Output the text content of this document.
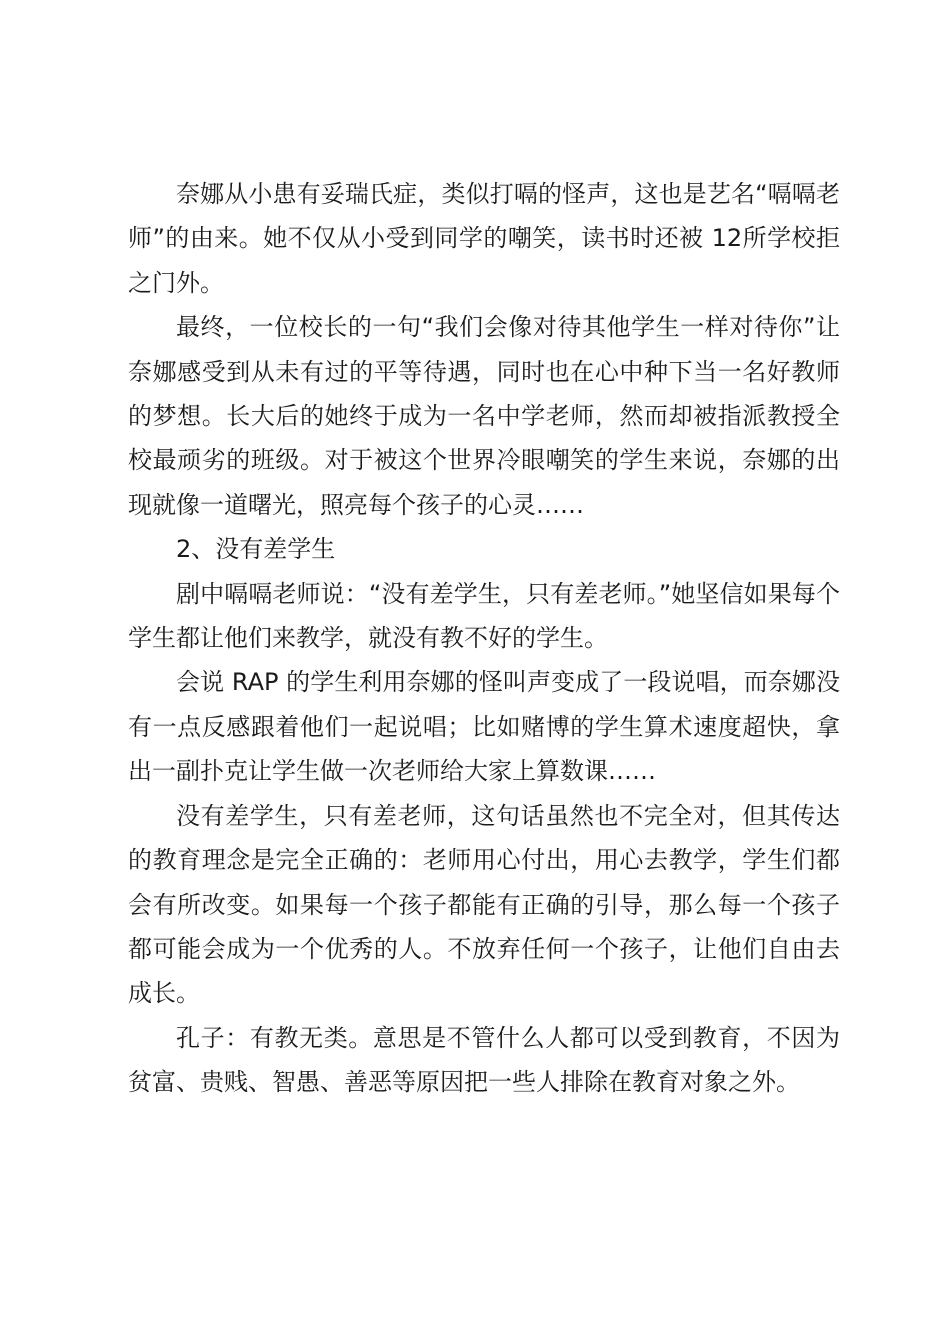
奈娜从小患有妥瑞氏症，类似打嗝的怪声，这也是艺名“嗝嗝老师”的由来。她不仅从小受到同学的嘲笑，读书时还被 12所学校拒之门外。

最终，一位校长的一句“我们会像对待其他学生一样对待你”让奈娜感受到从未有过的平等待遇，同时也在心中种下当一名好教师的梦想。长大后的她终于成为一名中学老师，然而却被指派教授全校最顽劣的班级。对于被这个世界冷眼嘲笑的学生来说，奈娜的出现就像一道曙光，照亮每个孩子的心灵……

2、没有差学生

剧中嗝嗝老师说：“没有差学生，只有差老师。”她坚信如果每个学生都让他们来教学，就没有教不好的学生。

会说 RAP 的学生利用奈娜的怪叫声变成了一段说唱，而奈娜没有一点反感跟着他们一起说唱；比如赌博的学生算术速度超快，拿出一副扑克让学生做一次老师给大家上算数课……

没有差学生，只有差老师，这句话虽然也不完全对，但其传达的教育理念是完全正确的：老师用心付出，用心去教学，学生们都会有所改变。如果每一个孩子都能有正确的引导，那么每一个孩子都可能会成为一个优秀的人。不放弃任何一个孩子，让他们自由去成长。

孔子：有教无类。意思是不管什么人都可以受到教育，不因为贫富、贵贱、智愚、善恶等原因把一些人排除在教育对象之外。
